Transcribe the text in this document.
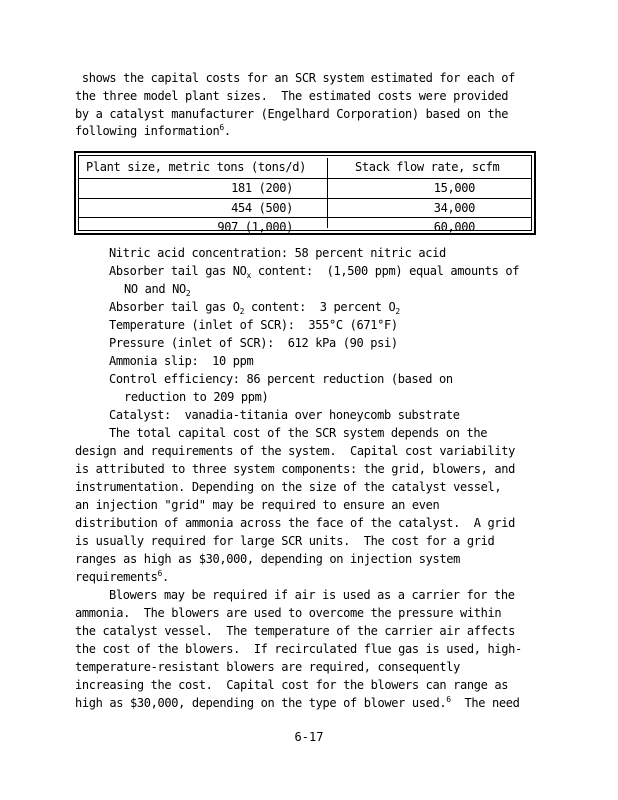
shows the capital costs for an SCR system estimated for each of
the three model plant sizes.  The estimated costs were provided
by a catalyst manufacturer (Engelhard Corporation) based on the
following information$^6$.
Plant size, metric tons (tons/d)	Stack flow rate, scfm
181 (200)	15,000
454 (500)	34,000
907 (1,000)	60,000
Nitric acid concentration: 58 percent nitric acid
Absorber tail gas $NO_x$ content:  (1,500 ppm) equal amounts of
NO and $NO_2$
Absorber tail gas $O_2$ content:  3 percent $O_2$
Temperature (inlet of SCR):  355°C (671°F)
Pressure (inlet of SCR):  612 kPa (90 psi)
Ammonia slip:  10 ppm
Control efficiency: 86 percent reduction (based on
reduction to 209 ppm)
Catalyst:  vanadia-titania over honeycomb substrate
The total capital cost of the SCR system depends on the
design and requirements of the system.  Capital cost variability
is attributed to three system components: the grid, blowers, and
instrumentation. Depending on the size of the catalyst vessel,
an injection "grid" may be required to ensure an even
distribution of ammonia across the face of the catalyst.  A grid
is usually required for large SCR units.  The cost for a grid
ranges as high as $30,000, depending on injection system
requirements$^6$.
Blowers may be required if air is used as a carrier for the
ammonia.  The blowers are used to overcome the pressure within
the catalyst vessel.  The temperature of the carrier air affects
the cost of the blowers.  If recirculated flue gas is used, high-
temperature-resistant blowers are required, consequently
increasing the cost.  Capital cost for the blowers can range as
high as $30,000, depending on the type of blower used.$^6$  The need
6-17
